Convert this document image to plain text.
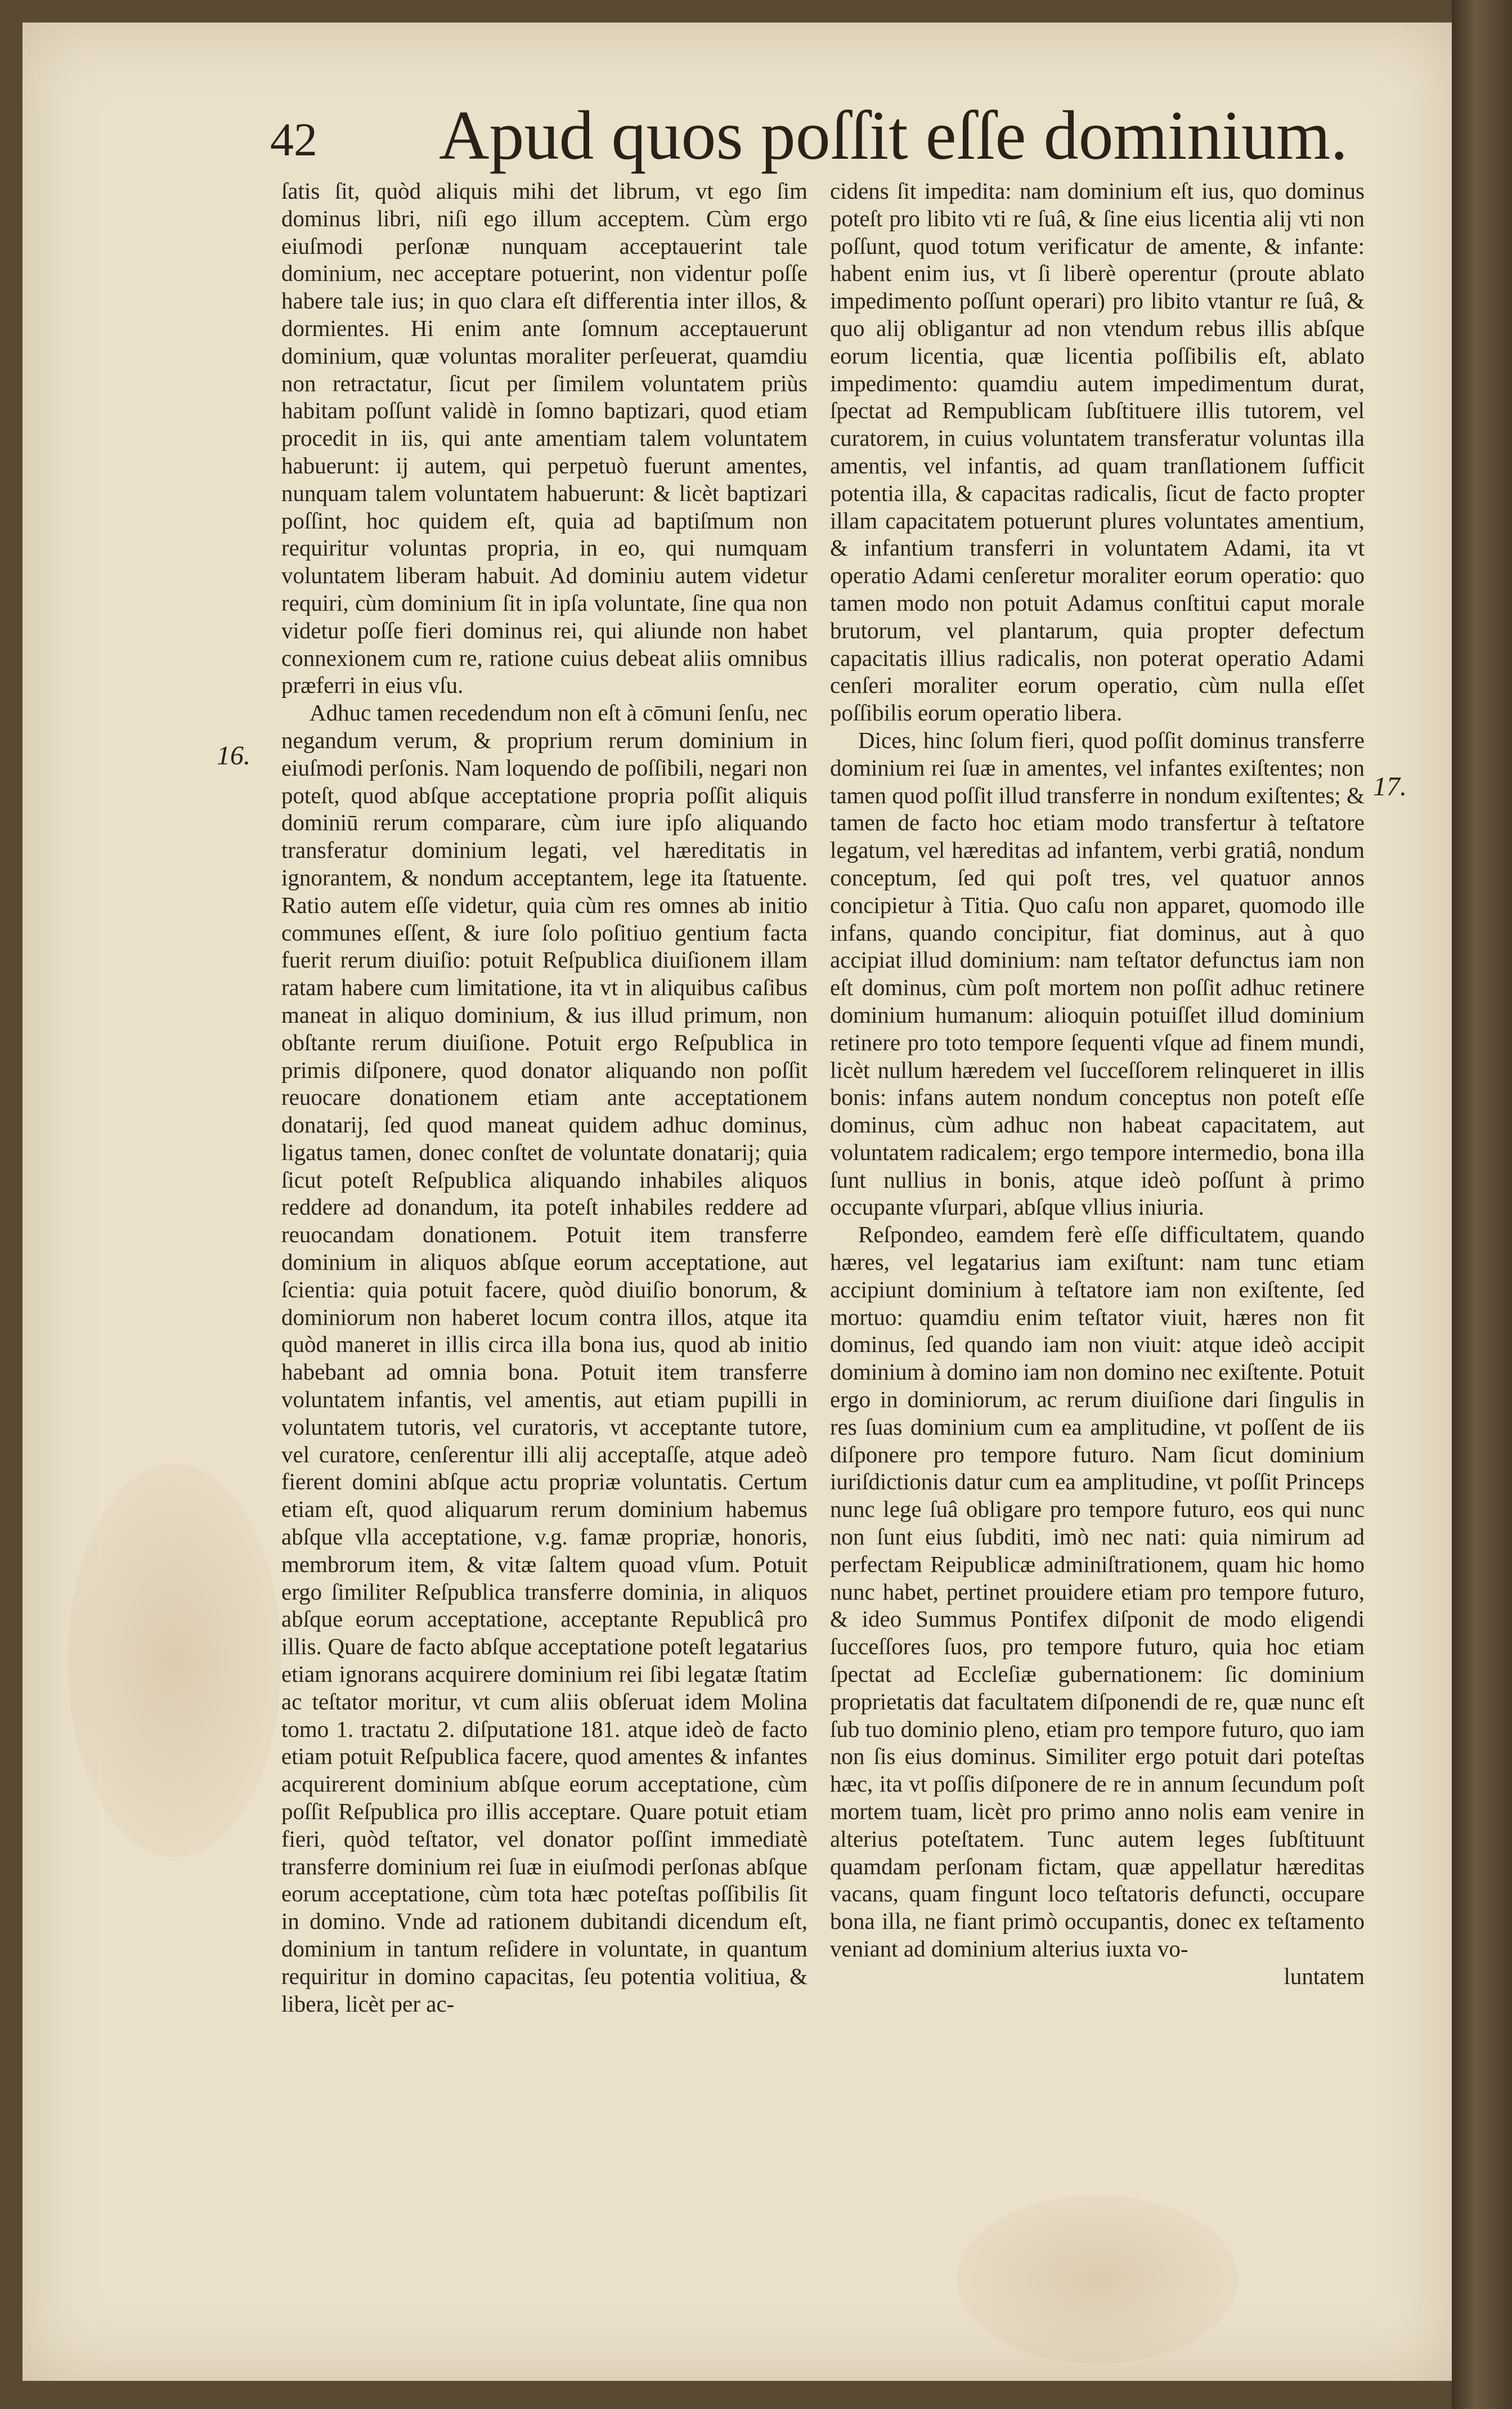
42 Apud quos poſſit eſſe dominium.
16.
17.

ſatis ſit, quòd aliquis mihi det librum, vt ego ſim dominus libri, niſi ego illum acceptem. Cùm ergo eiuſmodi perſonæ nunquam acceptauerint tale dominium, nec acceptare potuerint, non videntur poſſe habere tale ius; in quo clara eſt differentia inter illos, & dormientes. Hi enim ante ſomnum acceptauerunt dominium, quæ voluntas moraliter perſeuerat, quamdiu non retractatur, ſicut per ſimilem voluntatem priùs habitam poſſunt validè in ſomno baptizari, quod etiam procedit in iis, qui ante amentiam talem voluntatem habuerunt: ij autem, qui perpetuò fuerunt amentes, nunquam talem voluntatem habuerunt: & licèt baptizari poſſint, hoc quidem eſt, quia ad baptiſmum non requiritur voluntas propria, in eo, qui numquam voluntatem liberam habuit. Ad dominiu autem videtur requiri, cùm dominium ſit in ipſa voluntate, ſine qua non videtur poſſe fieri dominus rei, qui aliunde non habet connexionem cum re, ratione cuius debeat aliis omnibus præferri in eius vſu.

Adhuc tamen recedendum non eſt à cōmuni ſenſu, nec negandum verum, & proprium rerum dominium in eiuſmodi perſonis. Nam loquendo de poſſibili, negari non poteſt, quod abſque acceptatione propria poſſit aliquis dominiū rerum comparare, cùm iure ipſo aliquando transferatur dominium legati, vel hæreditatis in ignorantem, & nondum acceptantem, lege ita ſtatuente. Ratio autem eſſe videtur, quia cùm res omnes ab initio communes eſſent, & iure ſolo poſitiuo gentium facta fuerit rerum diuiſio: potuit Reſpublica diuiſionem illam ratam habere cum limitatione, ita vt in aliquibus caſibus maneat in aliquo dominium, & ius illud primum, non obſtante rerum diuiſione. Potuit ergo Reſpublica in primis diſponere, quod donator aliquando non poſſit reuocare donationem etiam ante acceptationem donatarij, ſed quod maneat quidem adhuc dominus, ligatus tamen, donec conſtet de voluntate donatarij; quia ſicut poteſt Reſpublica aliquando inhabiles aliquos reddere ad donandum, ita poteſt inhabiles reddere ad reuocandam donationem. Potuit item transferre dominium in aliquos abſque eorum acceptatione, aut ſcientia: quia potuit facere, quòd diuiſio bonorum, & dominiorum non haberet locum contra illos, atque ita quòd maneret in illis circa illa bona ius, quod ab initio habebant ad omnia bona. Potuit item transferre voluntatem infantis, vel amentis, aut etiam pupilli in voluntatem tutoris, vel curatoris, vt acceptante tutore, vel curatore, cenſerentur illi alij acceptaſſe, atque adeò fierent domini abſque actu propriæ voluntatis. Certum etiam eſt, quod aliquarum rerum dominium habemus abſque vlla acceptatione, v.g. famæ propriæ, honoris, membrorum item, & vitæ ſaltem quoad vſum. Potuit ergo ſimiliter Reſpublica transferre dominia, in aliquos abſque eorum acceptatione, acceptante Republicâ pro illis. Quare de facto abſque acceptatione poteſt legatarius etiam ignorans acquirere dominium rei ſibi legatæ ſtatim ac teſtator moritur, vt cum aliis obſeruat idem Molina tomo 1. tractatu 2. diſputatione 181. atque ideò de facto etiam potuit Reſpublica facere, quod amentes & infantes acquirerent dominium abſque eorum acceptatione, cùm poſſit Reſpublica pro illis acceptare. Quare potuit etiam fieri, quòd teſtator, vel donator poſſint immediatè transferre dominium rei ſuæ in eiuſmodi perſonas abſque eorum acceptatione, cùm tota hæc poteſtas poſſibilis ſit in domino. Vnde ad rationem dubitandi dicendum eſt, dominium in tantum reſidere in voluntate, in quantum requiritur in domino capacitas, ſeu potentia volitiua, & libera, licèt per ac-

cidens ſit impedita: nam dominium eſt ius, quo dominus poteſt pro libito vti re ſuâ, & ſine eius licentia alij vti non poſſunt, quod totum verificatur de amente, & infante: habent enim ius, vt ſi liberè operentur (proute ablato impedimento poſſunt operari) pro libito vtantur re ſuâ, & quo alij obligantur ad non vtendum rebus illis abſque eorum licentia, quæ licentia poſſibilis eſt, ablato impedimento: quamdiu autem impedimentum durat, ſpectat ad Rempublicam ſubſtituere illis tutorem, vel curatorem, in cuius voluntatem transferatur voluntas illa amentis, vel infantis, ad quam tranſlationem ſufficit potentia illa, & capacitas radicalis, ſicut de facto propter illam capacitatem potuerunt plures voluntates amentium, & infantium transferri in voluntatem Adami, ita vt operatio Adami cenſeretur moraliter eorum operatio: quo tamen modo non potuit Adamus conſtitui caput morale brutorum, vel plantarum, quia propter defectum capacitatis illius radicalis, non poterat operatio Adami cenſeri moraliter eorum operatio, cùm nulla eſſet poſſibilis eorum operatio libera.

Dices, hinc ſolum fieri, quod poſſit dominus transferre dominium rei ſuæ in amentes, vel infantes exiſtentes; non tamen quod poſſit illud transferre in nondum exiſtentes; & tamen de facto hoc etiam modo transfertur à teſtatore legatum, vel hæreditas ad infantem, verbi gratiâ, nondum conceptum, ſed qui poſt tres, vel quatuor annos concipietur à Titia. Quo caſu non apparet, quomodo ille infans, quando concipitur, fiat dominus, aut à quo accipiat illud dominium: nam teſtator defunctus iam non eſt dominus, cùm poſt mortem non poſſit adhuc retinere dominium humanum: alioquin potuiſſet illud dominium retinere pro toto tempore ſequenti vſque ad finem mundi, licèt nullum hæredem vel ſucceſſorem relinqueret in illis bonis: infans autem nondum conceptus non poteſt eſſe dominus, cùm adhuc non habeat capacitatem, aut voluntatem radicalem; ergo tempore intermedio, bona illa ſunt nullius in bonis, atque ideò poſſunt à primo occupante vſurpari, abſque vllius iniuria.

Reſpondeo, eamdem ferè eſſe difficultatem, quando hæres, vel legatarius iam exiſtunt: nam tunc etiam accipiunt dominium à teſtatore iam non exiſtente, ſed mortuo: quamdiu enim teſtator viuit, hæres non fit dominus, ſed quando iam non viuit: atque ideò accipit dominium à domino iam non domino nec exiſtente. Potuit ergo in dominiorum, ac rerum diuiſione dari ſingulis in res ſuas dominium cum ea amplitudine, vt poſſent de iis diſponere pro tempore futuro. Nam ſicut dominium iuriſdictionis datur cum ea amplitudine, vt poſſit Princeps nunc lege ſuâ obligare pro tempore futuro, eos qui nunc non ſunt eius ſubditi, imò nec nati: quia nimirum ad perfectam Reipublicæ adminiſtrationem, quam hic homo nunc habet, pertinet prouidere etiam pro tempore futuro, & ideo Summus Pontifex diſponit de modo eligendi ſucceſſores ſuos, pro tempore futuro, quia hoc etiam ſpectat ad Eccleſiæ gubernationem: ſic dominium proprietatis dat facultatem diſponendi de re, quæ nunc eſt ſub tuo dominio pleno, etiam pro tempore futuro, quo iam non ſis eius dominus. Similiter ergo potuit dari poteſtas hæc, ita vt poſſis diſponere de re in annum ſecundum poſt mortem tuam, licèt pro primo anno nolis eam venire in alterius poteſtatem. Tunc autem leges ſubſtituunt quamdam perſonam fictam, quæ appellatur hæreditas vacans, quam fingunt loco teſtatoris defuncti, occupare bona illa, ne fiant primò occupantis, donec ex teſtamento veniant ad dominium alterius iuxta vo-

luntatem
